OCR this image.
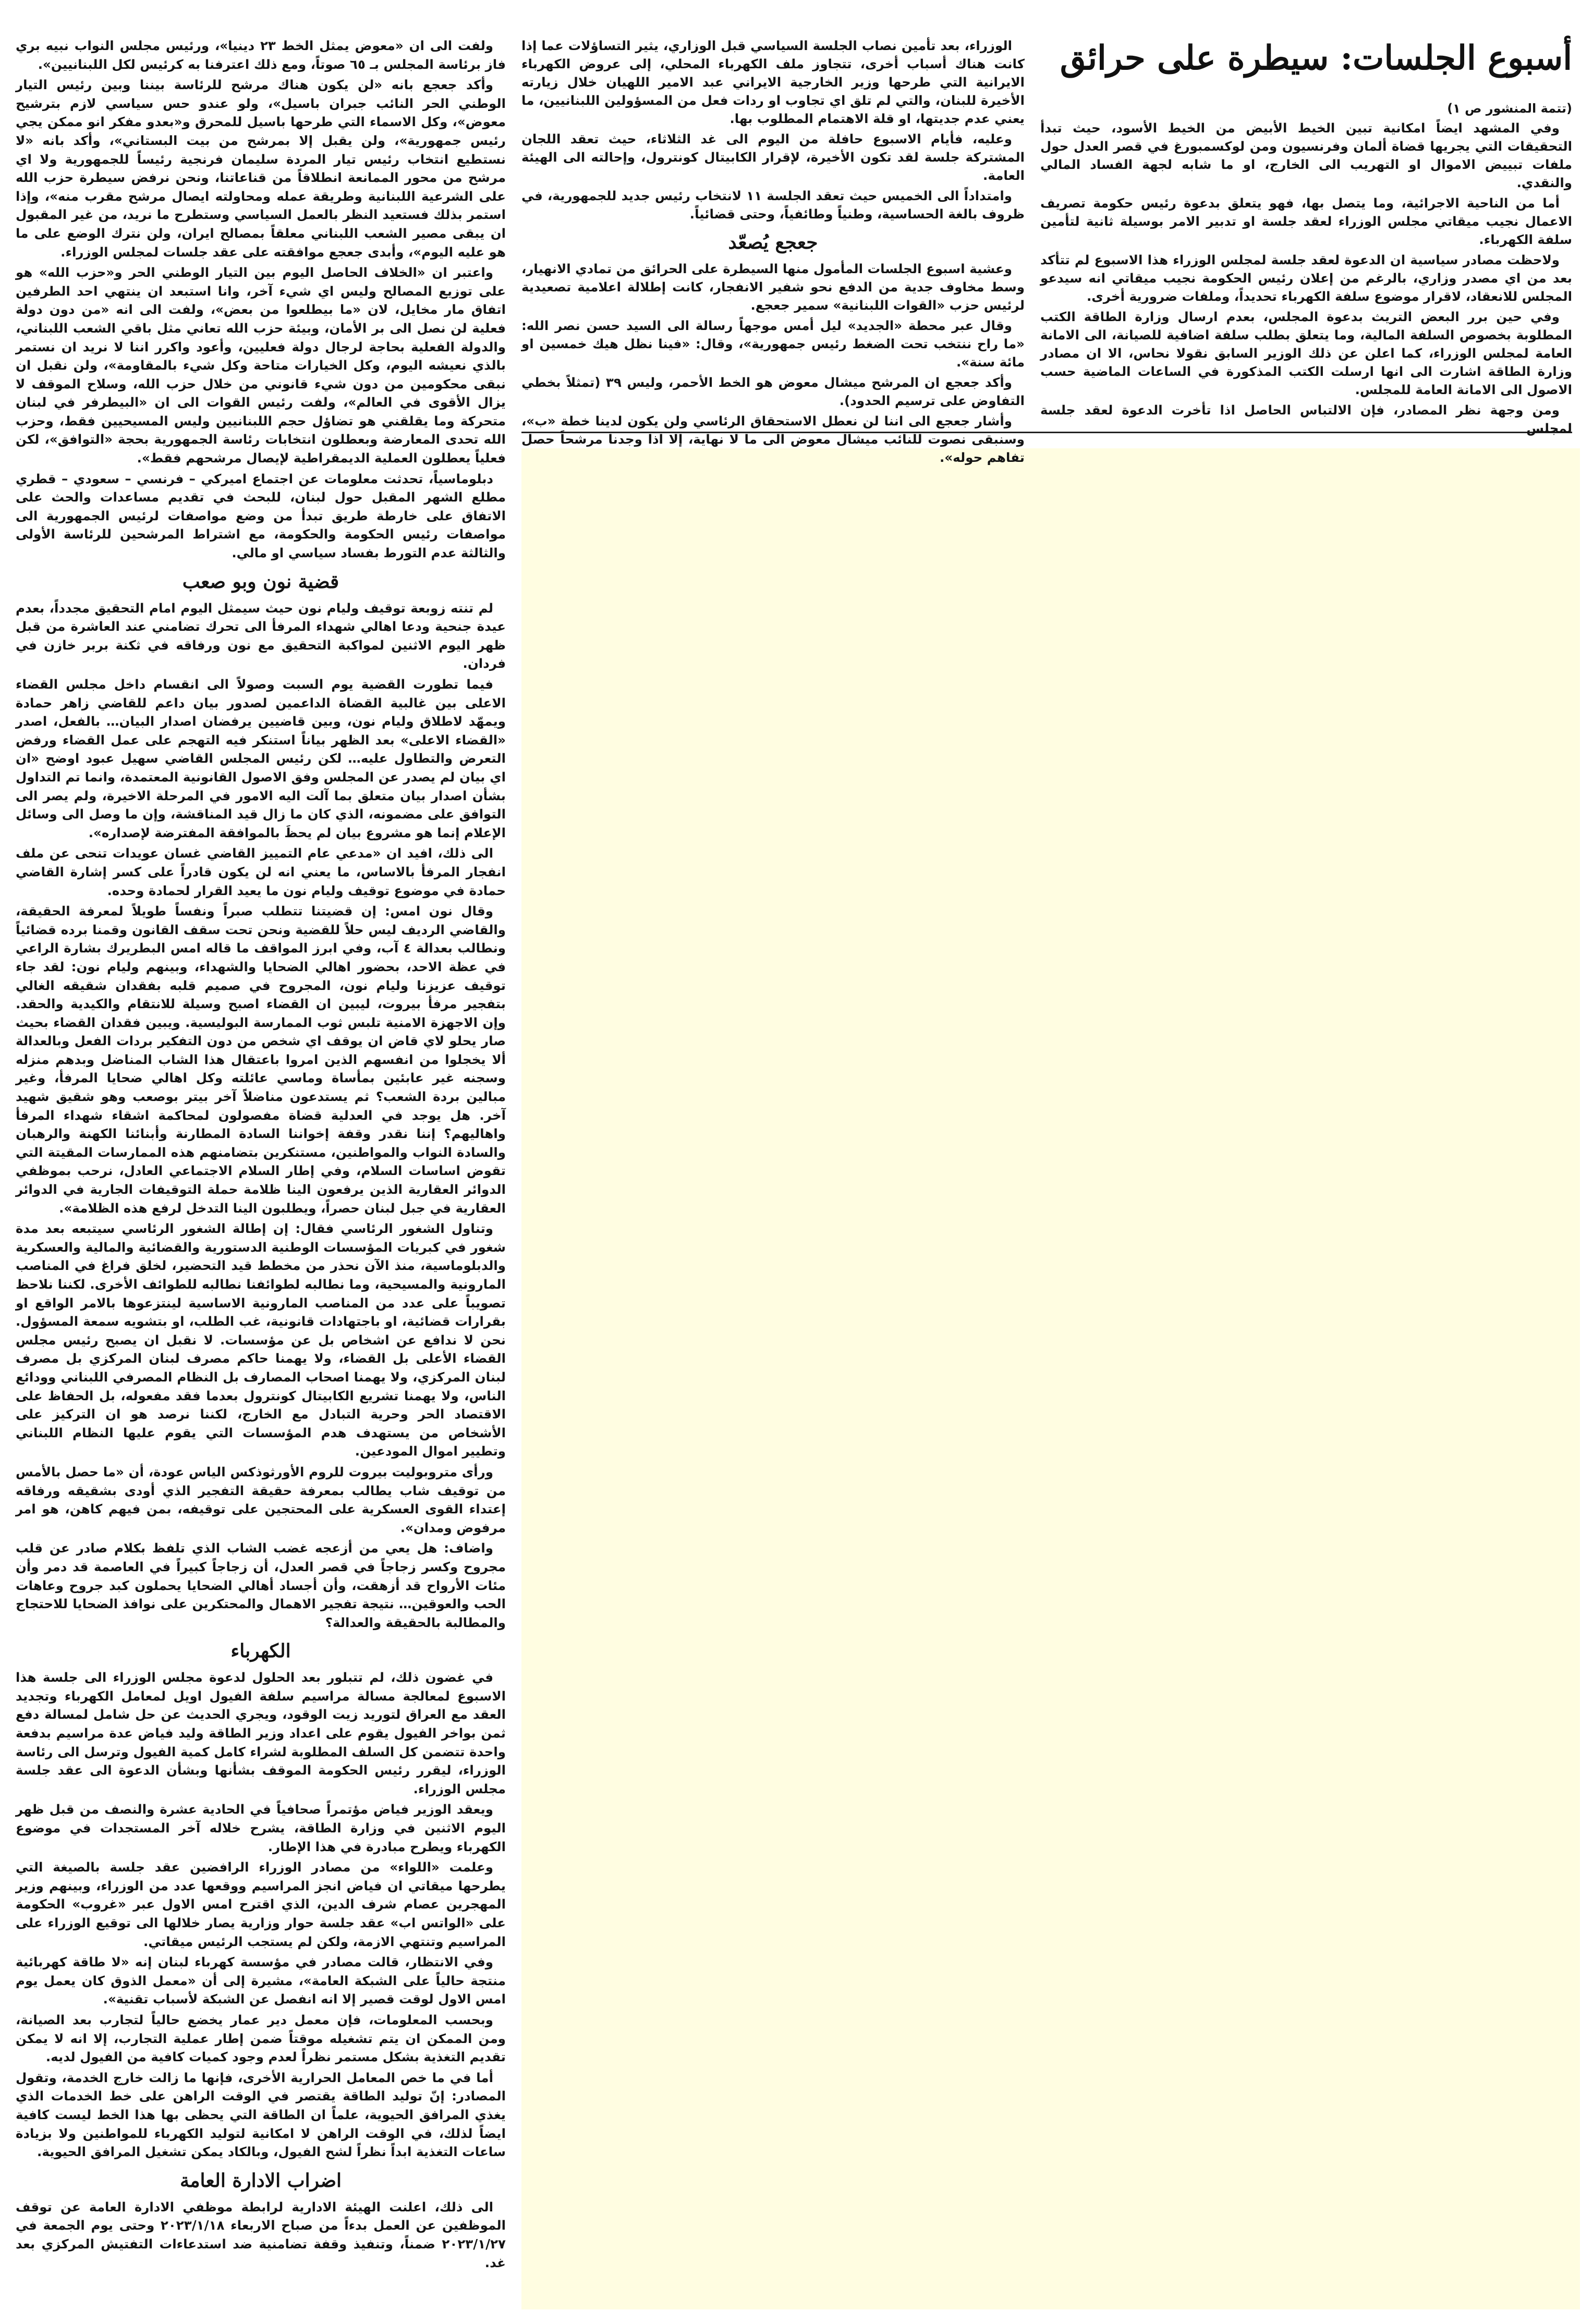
أسبوع الجلسات: سيطرة على حرائق
(تتمة المنشور ص ١)

وفي المشهد ايضاً امكانية تبين الخيط الأبيض من الخيط الأسود، حيث تبدأ التحقيقات التي يجريها قضاة ألمان وفرنسيون ومن لوكسمبورغ في قصر العدل حول ملفات تبييض الاموال او التهريب الى الخارج، او ما شابه لجهة الفساد المالي والنقدي.

أما من الناحية الاجرائية، وما يتصل بها، فهو يتعلق بدعوة رئيس حكومة تصريف الاعمال نجيب ميقاتي مجلس الوزراء لعقد جلسة او تدبير الامر بوسيلة ثانية لتأمين سلفة الكهرباء.

ولاحظت مصادر سياسية ان الدعوة لعقد جلسة لمجلس الوزراء هذا الاسبوع لم تتأكد بعد من اي مصدر وزاري، بالرغم من إعلان رئيس الحكومة نجيب ميقاتي انه سيدعو المجلس للانعقاد، لاقرار موضوع سلفة الكهرباء تحديداً، وملفات ضرورية أخرى.

وفي حين برر البعض التريث بدعوة المجلس، بعدم ارسال وزارة الطاقة الكتب المطلوبة بخصوص السلفة المالية، وما يتعلق بطلب سلفة اضافية للصيانة، الى الامانة العامة لمجلس الوزراء، كما اعلن عن ذلك الوزير السابق نقولا نحاس، الا ان مصادر وزارة الطاقة اشارت الى انها ارسلت الكتب المذكورة في الساعات الماضية حسب الاصول الى الامانة العامة للمجلس.

ومن وجهة نظر المصادر، فإن الالتباس الحاصل اذا تأخرت الدعوة لعقد جلسة لمجلس

الوزراء، بعد تأمين نصاب الجلسة السياسي قبل الوزاري، يثير التساؤلات عما إذا كانت هناك أسباب أخرى، تتجاوز ملف الكهرباء المحلي، إلى عروض الكهرباء الايرانية التي طرحها وزير الخارجية الايراني عبد الامير اللهيان خلال زيارته الأخيرة للبنان، والتي لم تلق اي تجاوب او ردات فعل من المسؤولين اللبنانيين، ما يعني عدم جديتها، او قلة الاهتمام المطلوب بها.

وعليه، فأيام الاسبوع حافلة من اليوم الى غد الثلاثاء، حيث تعقد اللجان المشتركة جلسة لقد تكون الأخيرة، لإقرار الكابيتال كونترول، وإحالته الى الهيئة العامة.

وامتداداً الى الخميس حيث تعقد الجلسة ١١ لانتخاب رئيس جديد للجمهورية، في ظروف بالغة الحساسية، وطنياً وطائفياً، وحتى قضائياً.

جعجع يُصعّد

وعشية اسبوع الجلسات المأمول منها السيطرة على الحرائق من تمادي الانهيار، وسط مخاوف جدية من الدفع نحو شفير الانفجار، كانت إطلالة اعلامية تصعيدية لرئيس حزب «القوات اللبنانية» سمير جعجع.

وقال عبر محطة «الجديد» ليل أمس موجهاً رسالة الى السيد حسن نصر الله: «ما راح ننتخب تحت الضغط رئيس جمهورية»، وقال: «فينا نظل هيك خمسين او مائة سنة».

وأكد جعجع ان المرشح ميشال معوض هو الخط الأحمر، وليس ٣٩ (تمثلاً بخطي التفاوض على ترسيم الحدود).

وأشار جعجع الى اننا لن نعطل الاستحقاق الرئاسي ولن يكون لدينا خطة «ب»، وسنبقى نصوت للنائب ميشال معوض الى ما لا نهاية، إلا اذا وجدنا مرشحاً حصل تفاهم حوله».

ولفت الى ان «معوض يمثل الخط ٢٣ دينيا»، ورئيس مجلس النواب نبيه بري فاز برئاسة المجلس بـ ٦٥ صوتاً، ومع ذلك اعترفنا به كرئيس لكل اللبنانيين».

وأكد جعجع بانه «لن يكون هناك مرشح للرئاسة بيننا وبين رئيس التيار الوطني الحر النائب جبران باسيل»، ولو عندو حس سياسي لازم بترشيح معوض»، وكل الاسماء التي طرحها باسيل للمحرق و«بعدو مفكر انو ممكن يجي رئيس جمهورية»، ولن يقبل إلا بمرشح من بيت البستاني»، وأكد بانه «لا نستطيع انتخاب رئيس تيار المردة سليمان فرنجية رئيساً للجمهورية ولا اي مرشح من محور الممانعة انطلاقاً من قناعاتنا، ونحن نرفض سيطرة حزب الله على الشرعية اللبنانية وطريقة عمله ومحاولته ايصال مرشح مقرب منه»، وإذا استمر بذلك فستعيد النظر بالعمل السياسي وستطرح ما نريد، من غير المقبول ان يبقى مصير الشعب اللبناني معلقاً بمصالح ايران، ولن نترك الوضع على ما هو عليه اليوم»، وأبدى جعجع موافقته على عقد جلسات لمجلس الوزراء.

واعتبر ان «الخلاف الحاصل اليوم بين التيار الوطني الحر و«حزب الله» هو على توزيع المصالح وليس اي شيء آخر، وانا استبعد ان ينتهي احد الطرفين اتفاق مار مخايل، لان «ما بيطلعوا من بعض»، ولفت الى انه «من دون دولة فعلية لن نصل الى بر الأمان، وبيئة حزب الله تعاني مثل باقي الشعب اللبناني، والدولة الفعلية بحاجة لرجال دولة فعليين، وأعود واكرر اننا لا نريد ان نستمر بالذي نعيشه اليوم، وكل الخيارات متاحة وكل شيء بالمقاومة»، ولن نقبل ان نبقى محكومين من دون شيء قانوني من خلال حزب الله، وسلاح الموقف لا يزال الأقوى في العالم»، ولفت رئيس القوات الى ان «البيطرفر في لبنان متحركة وما يقلقني هو تضاؤل حجم اللبنانيين وليس المسيحيين فقط، وحزب الله تحدى المعارضة وبعطلون انتخابات رئاسة الجمهورية بحجة «التوافق»، لكن فعلياً يعطلون العملية الديمقراطية لإيصال مرشحهم فقط».

دبلوماسياً، تحدثت معلومات عن اجتماع اميركي – فرنسي – سعودي – قطري مطلع الشهر المقبل حول لبنان، للبحث في تقديم مساعدات والحث على الاتفاق على خارطة طريق تبدأ من وضع مواصفات لرئيس الجمهورية الى مواصفات رئيس الحكومة والحكومة، مع اشتراط المرشحين للرئاسة الأولى والثالثة عدم التورط بفساد سياسي او مالي.

قضية نون وبو صعب

لم تنته زوبعة توقيف وليام نون حيث سيمثل اليوم امام التحقيق مجدداً، بعدم عيدة جنحية ودعا اهالي شهداء المرفأ الى تحرك تضامني عند العاشرة من قبل ظهر اليوم الاثنين لمواكبة التحقيق مع نون ورفاقه في ثكنة بربر خازن في فردان.

فيما تطورت القضية يوم السبت وصولاً الى انقسام داخل مجلس القضاء الاعلى بين غالبية القضاة الداعمين لصدور بيان داعم للقاضي زاهر حمادة ويمهّد لاطلاق وليام نون، وبين قاضيين يرفضان اصدار البيان… بالفعل، اصدر «القضاء الاعلى» بعد الظهر بياناً استنكر فيه التهجم على عمل القضاء ورفض التعرض والتطاول عليه… لكن رئيس المجلس القاضي سهيل عبود اوضح «ان اي بيان لم يصدر عن المجلس وفق الاصول القانونية المعتمدة، وانما تم التداول بشأن اصدار بيان متعلق بما آلت اليه الامور في المرحلة الاخيرة، ولم يصر الى التوافق على مضمونه، الذي كان ما زال قيد المناقشة، وإن ما وصل الى وسائل الإعلام إنما هو مشروع بيان لم يحظَ بالموافقة المفترضة لإصداره».

الى ذلك، افيد ان «مدعي عام التمييز القاضي غسان عويدات تنحى عن ملف انفجار المرفأ بالاساس، ما يعني انه لن يكون قادراً على كسر إشارة القاضي حمادة في موضوع توقيف وليام نون ما يعيد القرار لحمادة وحده.

وقال نون امس: إن قضيتنا تتطلب صبراً ونفساً طويلاً لمعرفة الحقيقة، والقاضي الرديف ليس حلاً للقضية ونحن تحت سقف القانون وقمنا برده قضائياً ونطالب بعدالة ٤ آب، وفي ابرز المواقف ما قاله امس البطريرك بشارة الراعي في عظة الاحد، بحضور اهالي الضحايا والشهداء، وبينهم وليام نون: لقد جاء توقيف عزيزنا وليام نون، المجروح في صميم قلبه بفقدان شقيقه الغالي بتفجير مرفأ بيروت، ليبين ان القضاء اصبح وسيلة للانتقام والكيدية والحقد. وإن الاجهزة الامنية تلبس ثوب الممارسة البوليسية. ويبين فقدان القضاء بحيث صار يحلو لاي قاض ان يوقف اي شخص من دون التفكير بردات الفعل وبالعدالة ألا يخجلوا من انفسهم الذين امروا باعتقال هذا الشاب المناضل وبدهم منزله وسجنه غير عابئين بمأساة وماسي عائلته وكل اهالي ضحايا المرفأ، وغير مبالين بردة الشعب؟ ثم يستدعون مناضلاً آخر بيتر بوصعب وهو شقيق شهيد آخر. هل يوجد في العدلية قضاة مفصولون لمحاكمة اشقاء شهداء المرفأ واهاليهم؟ إننا نقدر وقفة إخواننا السادة المطارنة وأبنائنا الكهنة والرهبان والسادة النواب والمواطنين، مستنكرين بتضامنهم هذه الممارسات المقيتة التي تقوض اساسات السلام، وفي إطار السلام الاجتماعي العادل، نرحب بموظفي الدوائر العقارية الذين يرفعون الينا ظلامة حملة التوقيفات الجارية في الدوائر العقارية في جبل لبنان حصراً، ويطلبون الينا التدخل لرفع هذه الظلامة».

وتناول الشغور الرئاسي فقال: إن إطالة الشغور الرئاسي سيتبعه بعد مدة شغور في كبريات المؤسسات الوطنية الدستورية والقضائية والمالية والعسكرية والدبلوماسية، منذ الآن نحذر من مخطط قيد التحضير، لخلق فراغ في المناصب المارونية والمسيحية، وما نطالبه لطوائفنا نطالبه للطوائف الأخرى. لكننا نلاحظ تصويباً على عدد من المناصب المارونية الاساسية لينتزعوها بالامر الواقع او بقرارات قضائية، او باجتهادات قانونية، غب الطلب، او بتشويه سمعة المسؤول. نحن لا ندافع عن اشخاص بل عن مؤسسات. لا نقبل ان يصبح رئيس مجلس القضاء الأعلى بل القضاء، ولا يهمنا حاكم مصرف لبنان المركزي بل مصرف لبنان المركزي، ولا يهمنا اصحاب المصارف بل النظام المصرفي اللبناني وودائع الناس، ولا يهمنا تشريع الكابيتال كونترول بعدما فقد مفعوله، بل الحفاظ على الاقتصاد الحر وحرية التبادل مع الخارج، لكننا نرصد هو ان التركيز على الأشخاص من يستهدف هدم المؤسسات التي يقوم عليها النظام اللبناني وتطيير اموال المودعين.

ورأى متروبوليت بيروت للروم الأورثوذكس الياس عودة، أن «ما حصل بالأمس من توقيف شاب يطالب بمعرفة حقيقة التفجير الذي أودى بشقيقه ورفاقه إعتداء القوى العسكرية على المحتجين على توقيفه، بمن فيهم كاهن، هو امر مرفوض ومدان».

واضاف: هل يعي من أزعجه غضب الشاب الذي تلفظ بكلام صادر عن قلب مجروح وكسر زجاجاً في قصر العدل، أن زجاجاً كبيراً في العاصمة قد دمر وأن مئات الأرواح قد أزهقت، وأن أجساد أهالي الضحايا يحملون كبد جروح وعاهات الحب والعوقين… نتيجة تفجير الاهمال والمحتكرين على نوافذ الضحايا للاحتجاج والمطالبة بالحقيقة والعدالة؟

الكهرباء

في غضون ذلك، لم تتبلور بعد الحلول لدعوة مجلس الوزراء الى جلسة هذا الاسبوع لمعالجة مسالة مراسيم سلفة الفيول اويل لمعامل الكهرباء وتجديد العقد مع العراق لتوريد زيت الوقود، ويجري الحديث عن حل شامل لمسالة دفع ثمن بواخر الفيول يقوم على اعداد وزير الطاقة وليد فياض عدة مراسيم بدفعة واحدة تتضمن كل السلف المطلوبة لشراء كامل كمية الفيول وترسل الى رئاسة الوزراء، ليقرر رئيس الحكومة الموقف بشأنها وبشأن الدعوة الى عقد جلسة مجلس الوزراء.

ويعقد الوزير فياض مؤتمراً صحافياً في الحادية عشرة والنصف من قبل ظهر اليوم الاثنين في وزارة الطاقة، يشرح خلاله آخر المستجدات في موضوع الكهرباء ويطرح مبادرة في هذا الإطار.

وعلمت «اللواء» من مصادر الوزراء الرافضين عقد جلسة بالصيغة التي يطرحها ميقاتي ان فياض انجز المراسيم ووقعها عدد من الوزراء، وبينهم وزير المهجرين عصام شرف الدين، الذي اقترح امس الاول عبر «غروب» الحكومة على «الواتس اب» عقد جلسة حوار وزارية يصار خلالها الى توقيع الوزراء على المراسيم وتنتهي الازمة، ولكن لم يستجب الرئيس ميقاتي.

وفي الانتظار، قالت مصادر في مؤسسة كهرباء لبنان إنه «لا طاقة كهربائية منتجة حالياً على الشبكة العامة»، مشيرة إلى أن «معمل الذوق كان يعمل يوم امس الاول لوقت قصير إلا انه انفصل عن الشبكة لأسباب تقنية».

وبحسب المعلومات، فإن معمل دير عمار يخضع حالياً لتجارب بعد الصيانة، ومن الممكن ان يتم تشغيله موقتاً ضمن إطار عملية التجارب، إلا انه لا يمكن تقديم التغذية بشكل مستمر نظراً لعدم وجود كميات كافية من الفيول لديه.

أما في ما خص المعامل الحرارية الأخرى، فإنها ما زالت خارج الخدمة، وتقول المصادر: إنّ توليد الطاقة يقتصر في الوقت الراهن على خط الخدمات الذي يغذي المرافق الحيوية، علماً ان الطاقة التي يحظى بها هذا الخط ليست كافية ايضاً لذلك، في الوقت الراهن لا امكانية لتوليد الكهرباء للمواطنين ولا بزيادة ساعات التغذية ابداً نظراً لشح الفيول، وبالكاد يمكن تشغيل المرافق الحيوية.

اضراب الادارة العامة

الى ذلك، اعلنت الهيئة الادارية لرابطة موظفي الادارة العامة عن توقف الموظفين عن العمل بدءاً من صباح الاربعاء ٢٠٢٣/١/١٨ وحتى يوم الجمعة في ٢٠٢٣/١/٢٧ ضمناً، وتنفيذ وقفة تضامنية ضد استدعاءات التفتيش المركزي بعد غد.
